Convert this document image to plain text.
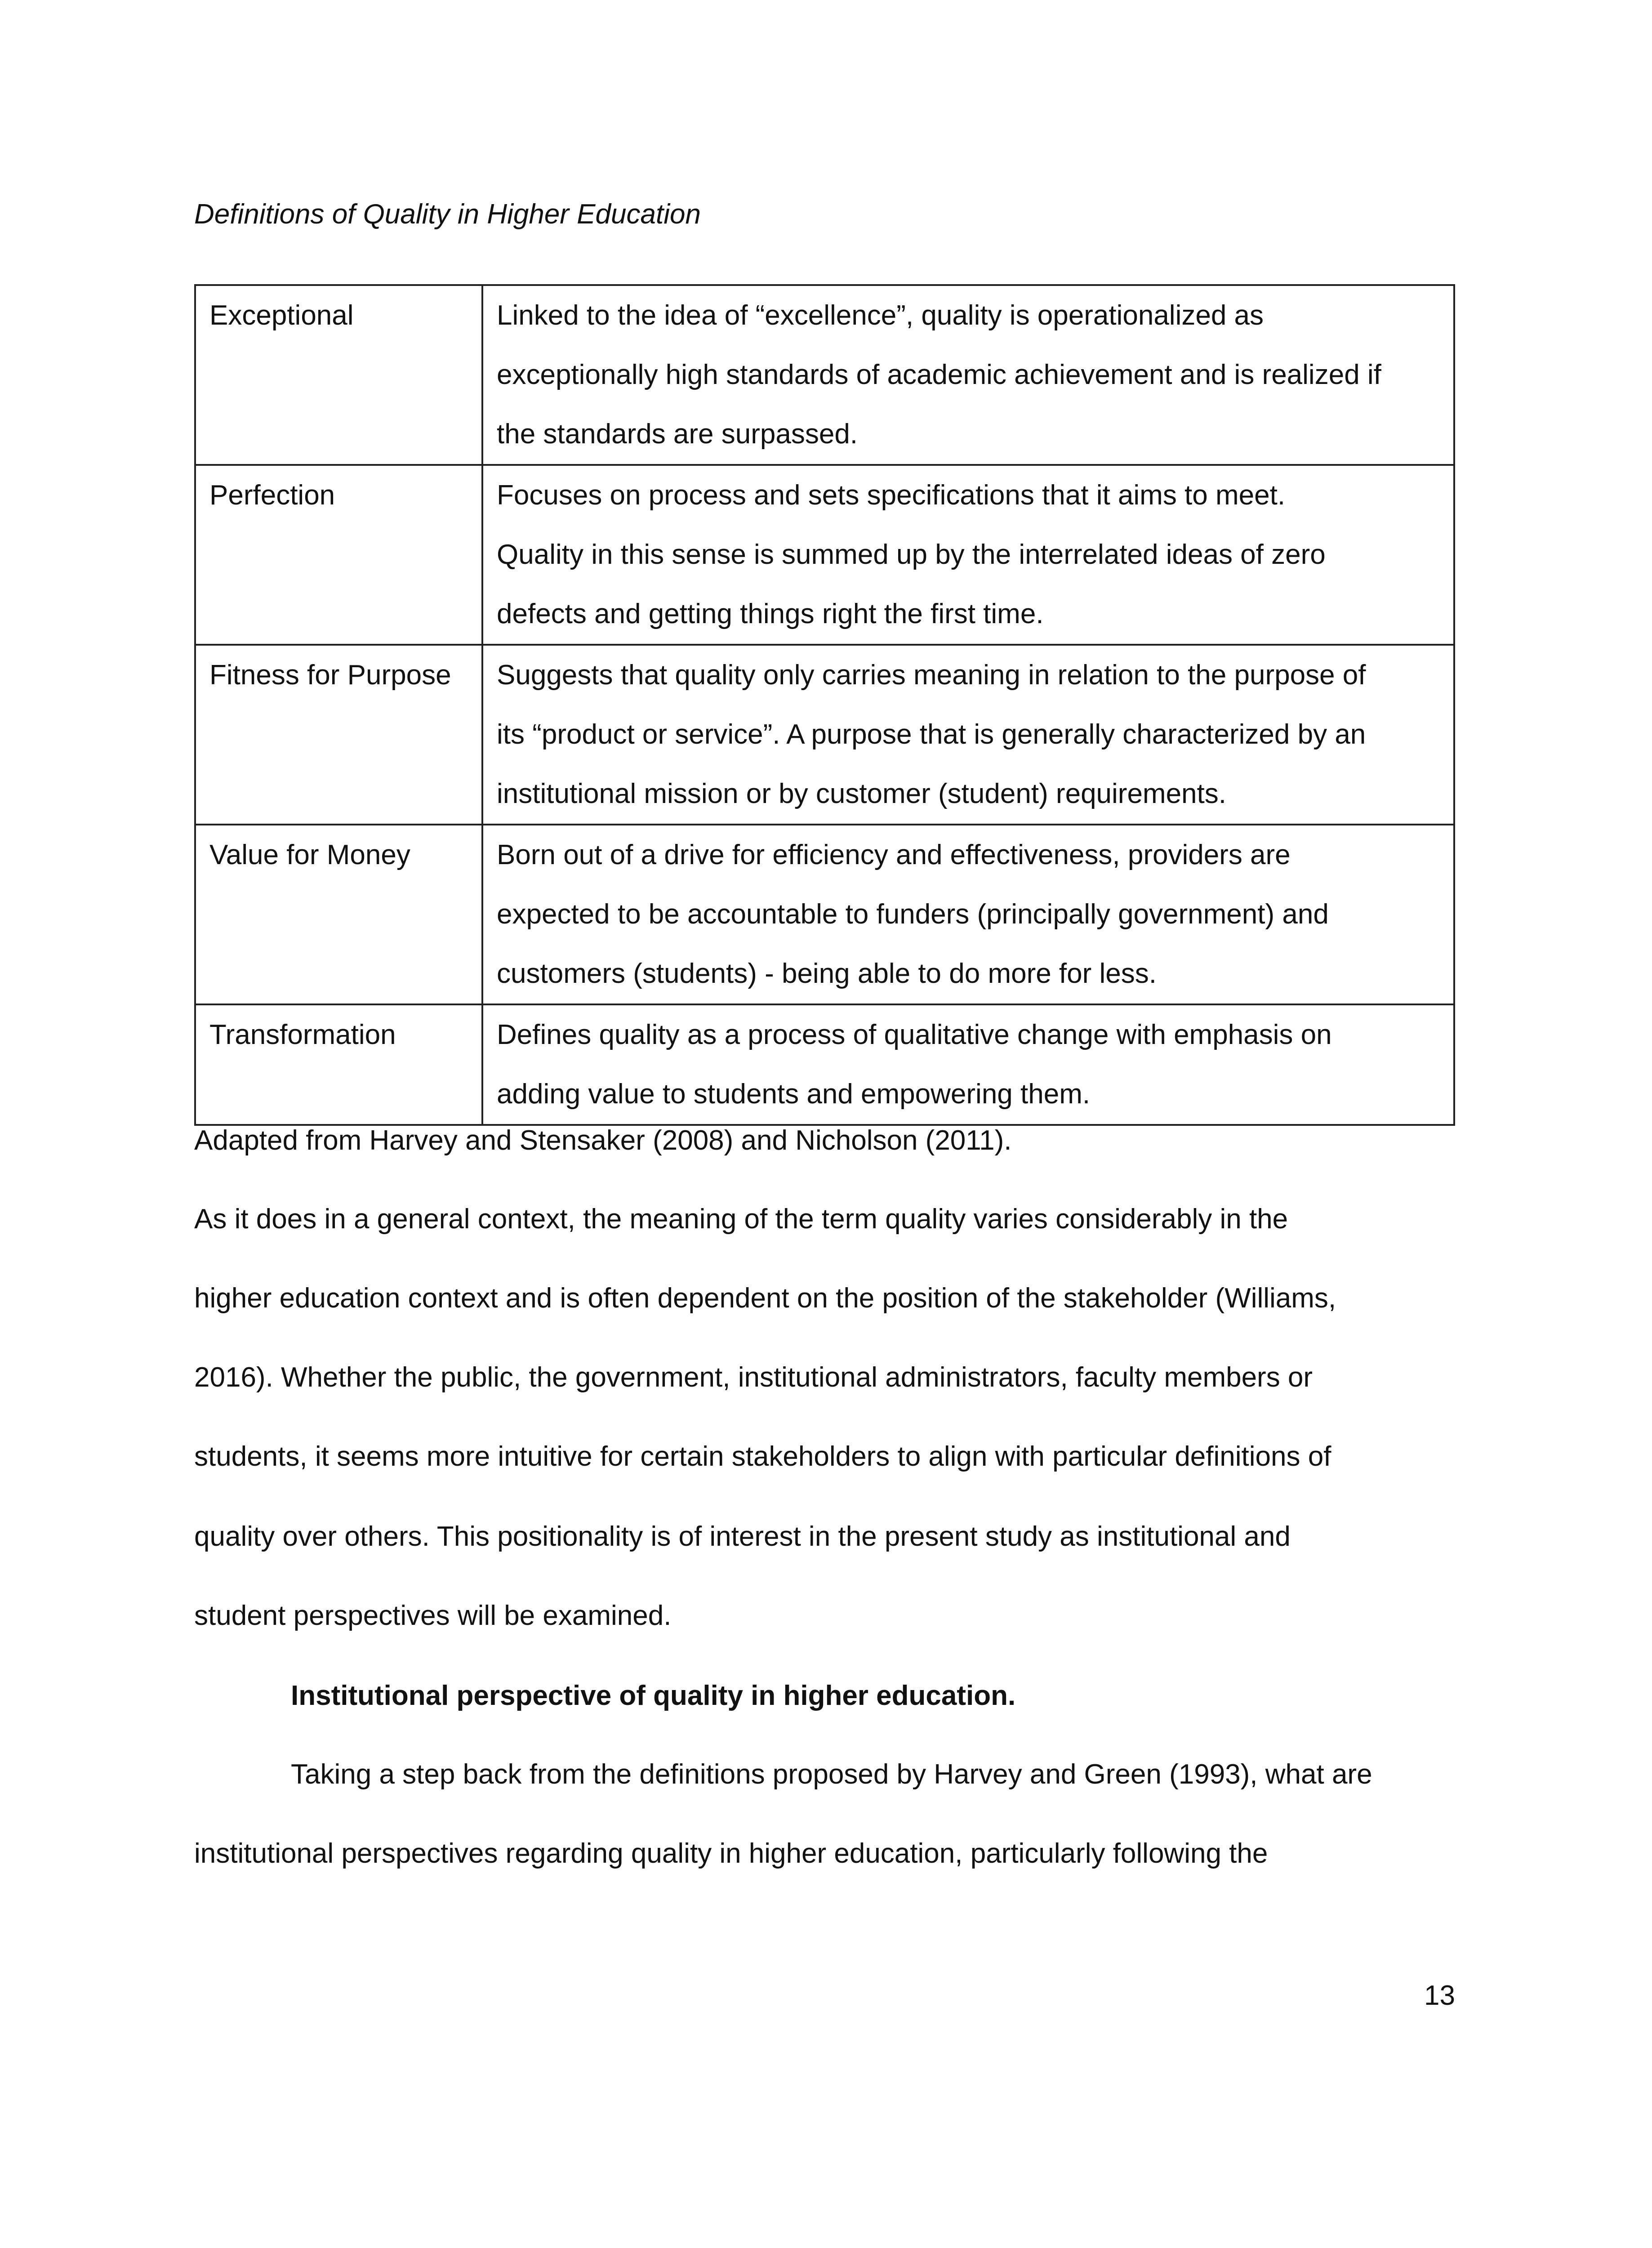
Definitions of Quality in Higher Education
Exceptional	Linked to the idea of “excellence”, quality is operationalized as
exceptionally high standards of academic achievement and is realized if
the standards are surpassed.

Perfection	Focuses on process and sets specifications that it aims to meet.
Quality in this sense is summed up by the interrelated ideas of zero
defects and getting things right the first time.

Fitness for Purpose	Suggests that quality only carries meaning in relation to the purpose of
its “product or service”. A purpose that is generally characterized by an
institutional mission or by customer (student) requirements.

Value for Money	Born out of a drive for efficiency and effectiveness, providers are
expected to be accountable to funders (principally government) and
customers (students) - being able to do more for less.

Transformation	Defines quality as a process of qualitative change with emphasis on
adding value to students and empowering them.
Adapted from Harvey and Stensaker (2008) and Nicholson (2011).
As it does in a general context, the meaning of the term quality varies considerably in the
higher education context and is often dependent on the position of the stakeholder (Williams,
2016). Whether the public, the government, institutional administrators, faculty members or
students, it seems more intuitive for certain stakeholders to align with particular definitions of
quality over others. This positionality is of interest in the present study as institutional and
student perspectives will be examined.
Institutional perspective of quality in higher education.
Taking a step back from the definitions proposed by Harvey and Green (1993), what are
institutional perspectives regarding quality in higher education, particularly following the
13
